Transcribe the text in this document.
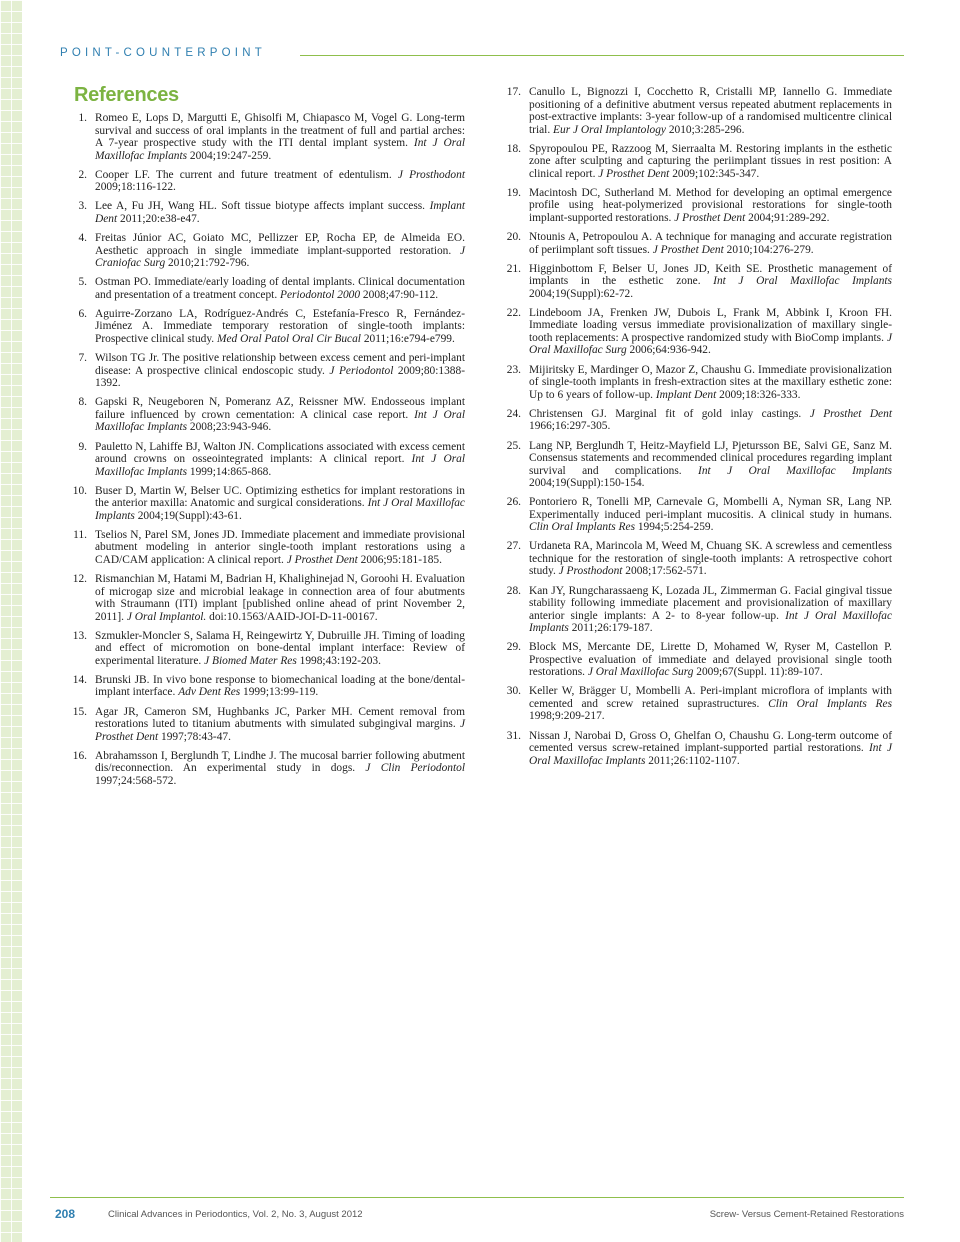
POINT-COUNTERPOINT
References
1. Romeo E, Lops D, Margutti E, Ghisolfi M, Chiapasco M, Vogel G. Long-term survival and success of oral implants in the treatment of full and partial arches: A 7-year prospective study with the ITI dental implant system. Int J Oral Maxillofac Implants 2004;19:247-259.
2. Cooper LF. The current and future treatment of edentulism. J Prosthodont 2009;18:116-122.
3. Lee A, Fu JH, Wang HL. Soft tissue biotype affects implant success. Implant Dent 2011;20:e38-e47.
4. Freitas Júnior AC, Goiato MC, Pellizzer EP, Rocha EP, de Almeida EO. Aesthetic approach in single immediate implant-supported restoration. J Craniofac Surg 2010;21:792-796.
5. Ostman PO. Immediate/early loading of dental implants. Clinical documentation and presentation of a treatment concept. Periodontol 2000 2008;47:90-112.
6. Aguirre-Zorzano LA, Rodríguez-Andrés C, Estefanía-Fresco R, Fernández-Jiménez A. Immediate temporary restoration of single-tooth implants: Prospective clinical study. Med Oral Patol Oral Cir Bucal 2011;16:e794-e799.
7. Wilson TG Jr. The positive relationship between excess cement and peri-implant disease: A prospective clinical endoscopic study. J Periodontol 2009;80:1388-1392.
8. Gapski R, Neugeboren N, Pomeranz AZ, Reissner MW. Endosseous implant failure influenced by crown cementation: A clinical case report. Int J Oral Maxillofac Implants 2008;23:943-946.
9. Pauletto N, Lahiffe BJ, Walton JN. Complications associated with excess cement around crowns on osseointegrated implants: A clinical report. Int J Oral Maxillofac Implants 1999;14:865-868.
10. Buser D, Martin W, Belser UC. Optimizing esthetics for implant restorations in the anterior maxilla: Anatomic and surgical considerations. Int J Oral Maxillofac Implants 2004;19(Suppl):43-61.
11. Tselios N, Parel SM, Jones JD. Immediate placement and immediate provisional abutment modeling in anterior single-tooth implant restorations using a CAD/CAM application: A clinical report. J Prosthet Dent 2006;95:181-185.
12. Rismanchian M, Hatami M, Badrian H, Khalighinejad N, Goroohi H. Evaluation of microgap size and microbial leakage in connection area of four abutments with Straumann (ITI) implant [published online ahead of print November 2, 2011]. J Oral Implantol. doi:10.1563/AAID-JOI-D-11-00167.
13. Szmukler-Moncler S, Salama H, Reingewirtz Y, Dubruille JH. Timing of loading and effect of micromotion on bone-dental implant interface: Review of experimental literature. J Biomed Mater Res 1998;43:192-203.
14. Brunski JB. In vivo bone response to biomechanical loading at the bone/dental-implant interface. Adv Dent Res 1999;13:99-119.
15. Agar JR, Cameron SM, Hughbanks JC, Parker MH. Cement removal from restorations luted to titanium abutments with simulated subgingival margins. J Prosthet Dent 1997;78:43-47.
16. Abrahamsson I, Berglundh T, Lindhe J. The mucosal barrier following abutment dis/reconnection. An experimental study in dogs. J Clin Periodontol 1997;24:568-572.
17. Canullo L, Bignozzi I, Cocchetto R, Cristalli MP, Iannello G. Immediate positioning of a definitive abutment versus repeated abutment replacements in post-extractive implants: 3-year follow-up of a randomised multicentre clinical trial. Eur J Oral Implantology 2010;3:285-296.
18. Spyropoulou PE, Razzoog M, Sierraalta M. Restoring implants in the esthetic zone after sculpting and capturing the periimplant tissues in rest position: A clinical report. J Prosthet Dent 2009;102:345-347.
19. Macintosh DC, Sutherland M. Method for developing an optimal emergence profile using heat-polymerized provisional restorations for single-tooth implant-supported restorations. J Prosthet Dent 2004;91:289-292.
20. Ntounis A, Petropoulou A. A technique for managing and accurate registration of periimplant soft tissues. J Prosthet Dent 2010;104:276-279.
21. Higginbottom F, Belser U, Jones JD, Keith SE. Prosthetic management of implants in the esthetic zone. Int J Oral Maxillofac Implants 2004;19(Suppl):62-72.
22. Lindeboom JA, Frenken JW, Dubois L, Frank M, Abbink I, Kroon FH. Immediate loading versus immediate provisionalization of maxillary single-tooth replacements: A prospective randomized study with BioComp implants. J Oral Maxillofac Surg 2006;64:936-942.
23. Mijiritsky E, Mardinger O, Mazor Z, Chaushu G. Immediate provisionalization of single-tooth implants in fresh-extraction sites at the maxillary esthetic zone: Up to 6 years of follow-up. Implant Dent 2009;18:326-333.
24. Christensen GJ. Marginal fit of gold inlay castings. J Prosthet Dent 1966;16:297-305.
25. Lang NP, Berglundh T, Heitz-Mayfield LJ, Pjetursson BE, Salvi GE, Sanz M. Consensus statements and recommended clinical procedures regarding implant survival and complications. Int J Oral Maxillofac Implants 2004;19(Suppl):150-154.
26. Pontoriero R, Tonelli MP, Carnevale G, Mombelli A, Nyman SR, Lang NP. Experimentally induced peri-implant mucositis. A clinical study in humans. Clin Oral Implants Res 1994;5:254-259.
27. Urdaneta RA, Marincola M, Weed M, Chuang SK. A screwless and cementless technique for the restoration of single-tooth implants: A retrospective cohort study. J Prosthodont 2008;17:562-571.
28. Kan JY, Rungcharassaeng K, Lozada JL, Zimmerman G. Facial gingival tissue stability following immediate placement and provisionalization of maxillary anterior single implants: A 2- to 8-year follow-up. Int J Oral Maxillofac Implants 2011;26:179-187.
29. Block MS, Mercante DE, Lirette D, Mohamed W, Ryser M, Castellon P. Prospective evaluation of immediate and delayed provisional single tooth restorations. J Oral Maxillofac Surg 2009;67(Suppl. 11):89-107.
30. Keller W, Brägger U, Mombelli A. Peri-implant microflora of implants with cemented and screw retained suprastructures. Clin Oral Implants Res 1998;9:209-217.
31. Nissan J, Narobai D, Gross O, Ghelfan O, Chaushu G. Long-term outcome of cemented versus screw-retained implant-supported partial restorations. Int J Oral Maxillofac Implants 2011;26:1102-1107.
208	Clinical Advances in Periodontics, Vol. 2, No. 3, August 2012	Screw- Versus Cement-Retained Restorations
